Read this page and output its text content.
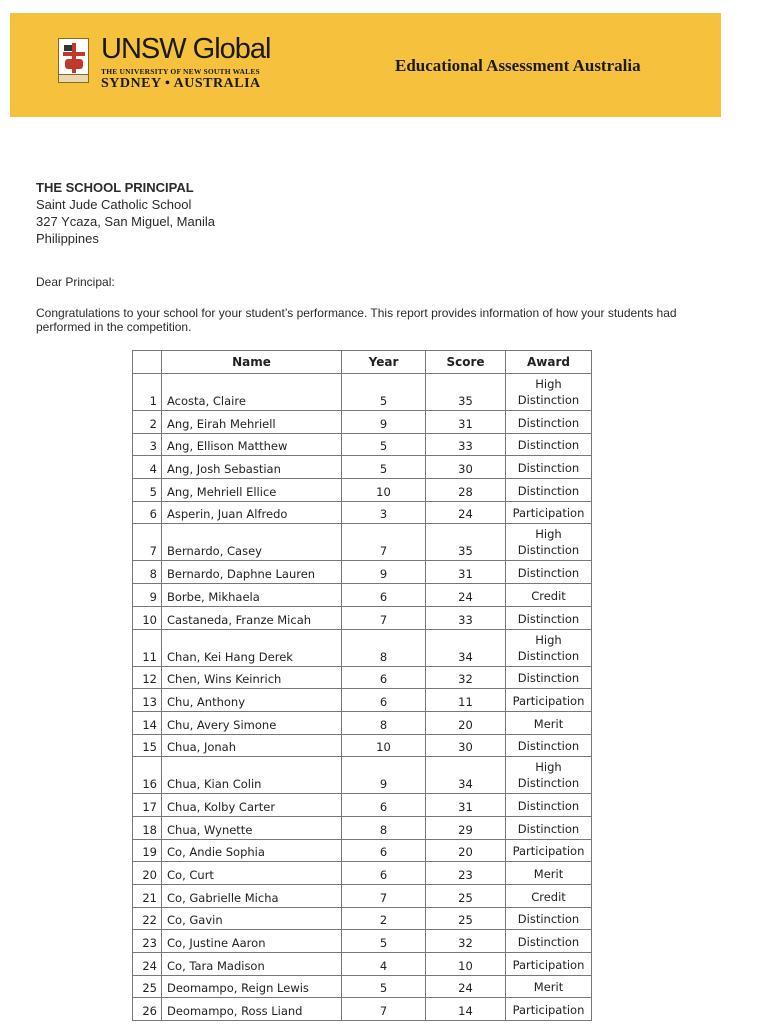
UNSW Global
THE UNIVERSITY OF NEW SOUTH WALES
SYDNEY • AUSTRALIA
Educational Assessment Australia
THE SCHOOL PRINCIPAL
Saint Jude Catholic School
327 Ycaza, San Miguel, Manila
Philippines
Dear Principal:
Congratulations to your school for your student’s performance. This report provides information of how your students had performed in the competition.
	Name	Year	Score	Award
1	Acosta, Claire	5	35	High
Distinction

2	Ang, Eirah Mehriell	9	31	Distinction
3	Ang, Ellison Matthew	5	33	Distinction
4	Ang, Josh Sebastian	5	30	Distinction
5	Ang, Mehriell Ellice	10	28	Distinction
6	Asperin, Juan Alfredo	3	24	Participation
7	Bernardo, Casey	7	35	High
Distinction

8	Bernardo, Daphne Lauren	9	31	Distinction
9	Borbe, Mikhaela	6	24	Credit
10	Castaneda, Franze Micah	7	33	Distinction
11	Chan, Kei Hang Derek	8	34	High
Distinction

12	Chen, Wins Keinrich	6	32	Distinction
13	Chu, Anthony	6	11	Participation
14	Chu, Avery Simone	8	20	Merit
15	Chua, Jonah	10	30	Distinction
16	Chua, Kian Colin	9	34	High
Distinction

17	Chua, Kolby Carter	6	31	Distinction
18	Chua, Wynette	8	29	Distinction
19	Co, Andie Sophia	6	20	Participation
20	Co, Curt	6	23	Merit
21	Co, Gabrielle Micha	7	25	Credit
22	Co, Gavin	2	25	Distinction
23	Co, Justine Aaron	5	32	Distinction
24	Co, Tara Madison	4	10	Participation
25	Deomampo, Reign Lewis	5	24	Merit
26	Deomampo, Ross Liand	7	14	Participation
